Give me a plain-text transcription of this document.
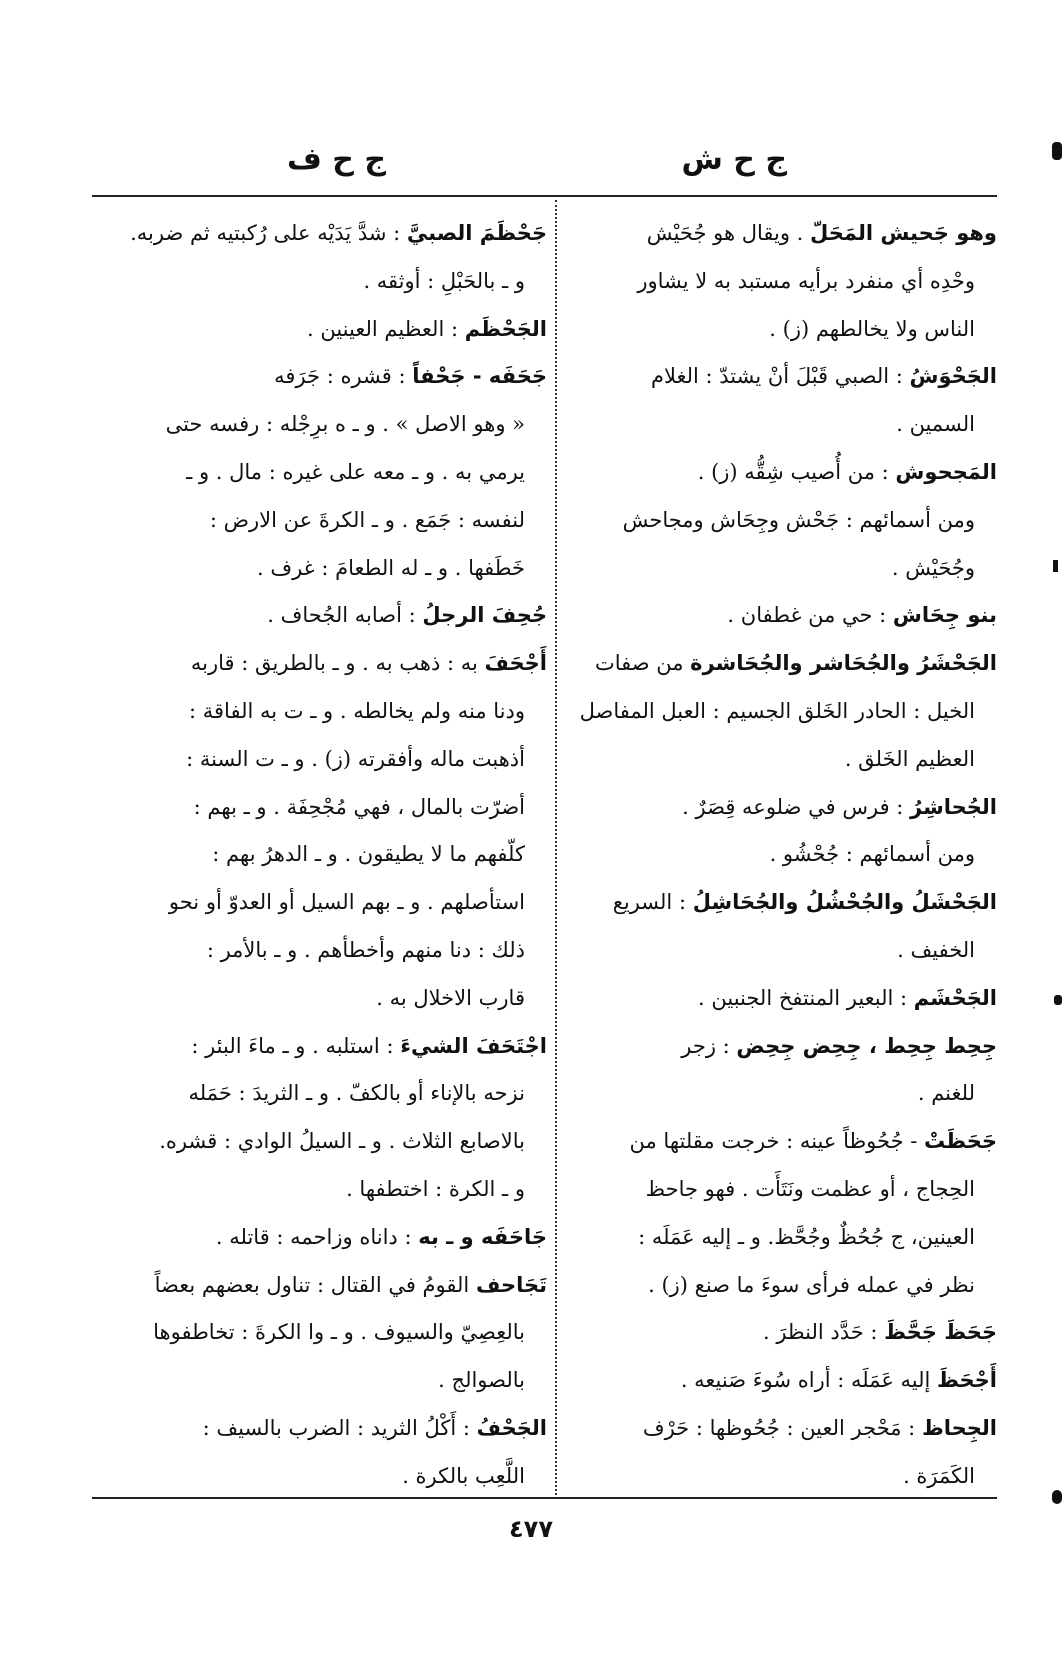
ج ح ش
ج ح ف
وهو جَحيش المَحَلّ . ويقال هو جُحَيْش
وحْدِه أي منفرد برأيه مستبد به لا يشاور
الناس ولا يخالطهم (ز) .
الجَحْوَشُ : الصبي قَبْلَ أنْ يشتدّ : الغلام
السمين .
المَجحوش : من أُصيب شِقُّه (ز) .
ومن أسمائهم : جَحْش وجِحَاش ومجاحش
وجُحَيْش .
بنو جِحَاش : حي من غطفان .
الجَحْشَرُ والجُحَاشر والجُحَاشرة من صفات
الخيل : الحادر الخَلق الجسيم : العبل المفاصل
العظيم الخَلق .
الجُحاشِرُ : فرس في ضلوعه قِصَرٌ .
ومن أسمائهم : جُحْشُو .
الجَحْشَلُ والجُحْشُلُ والجُحَاشِلُ : السريع
الخفيف .
الجَحْشَم : البعير المنتفخ الجنبين .
جِحِط جِحِط ، جِحِض جِحِض : زجر
للغنم .
جَحَظَتْ - جُحُوظاً عينه : خرجت مقلتها من
الحِجاج ، أو عظمت ونَتَأَت . فهو جاحظ
العينين، ج جُحُظٌ وجُحَّظ. و ـ إليه عَمَلَه :
نظر في عمله فرأى سوءَ ما صنع (ز) .
جَحَظَ جَحَّظَ : حَدَّد النظرَ .
أَجْحَظَ إليه عَمَلَه : أراه سُوءَ صَنيعه .
الجِحاظ : مَحْجر العين : جُحُوظها : حَرْف
الكَمَرَة .
جَحْظَمَ الصبيَّ : شدَّ يَدَيْه على رُكبتيه ثم ضربه.
و ـ بالحَبْلِ : أوثقه .
الجَحْظَم : العظيم العينين .
جَحَفَه - جَحْفاً : قشره : جَرَفه
« وهو الاصل » . و ـ ه برِجْله : رفسه حتى
يرمي به . و ـ معه على غيره : مال . و ـ
لنفسه : جَمَع . و ـ الكرةَ عن الارض :
خَطَفها . و ـ له الطعامَ : غرف .
جُحِفَ الرجلُ : أصابه الجُحاف .
أَجْحَفَ به : ذهب به . و ـ بالطريق : قاربه
ودنا منه ولم يخالطه . و ـ ت به الفاقة :
أذهبت ماله وأفقرته (ز) . و ـ ت السنة :
أضرّت بالمال ، فهي مُجْحِفَة . و ـ بهم :
كلّفهم ما لا يطيقون . و ـ الدهرُ بهم :
استأصلهم . و ـ بهم السيل أو العدوّ أو نحو
ذلك : دنا منهم وأخطأهم . و ـ بالأمر :
قارب الاخلال به .
اجْتَحَفَ الشيءَ : استلبه . و ـ ماءَ البئر :
نزحه بالإناء أو بالكفّ . و ـ الثريدَ : حَمَله
بالاصابع الثلاث . و ـ السيلُ الوادي : قشره.
و ـ الكرة : اختطفها .
جَاحَفَه و ـ به : داناه وزاحمه : قاتله .
تَجَاحف القومُ في القتال : تناول بعضهم بعضاً
بالعِصِيّ والسيوف . و ـ وا الكرةَ : تخاطفوها
بالصوالج .
الجَحْفُ : أَكْلُ الثريد : الضرب بالسيف :
اللَّعِب بالكرة .
٤٧٧
